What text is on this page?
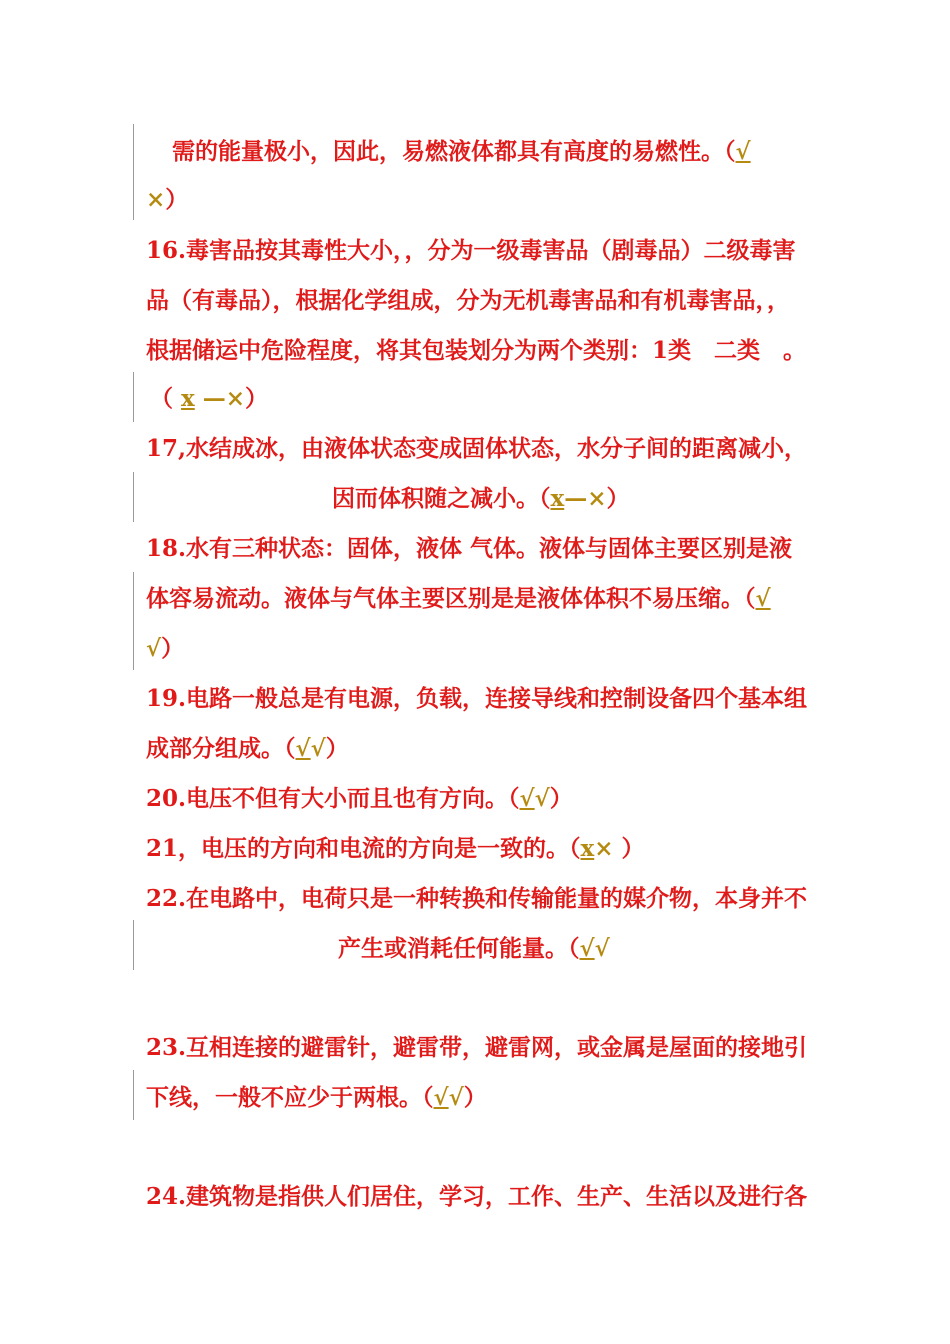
需的能量极小，因此，易燃液体都具有高度的易燃性。（√
×）
16.毒害品按其毒性大小，，分为一级毒害品（剧毒品）二级毒害
品（有毒品），根据化学组成，分为无机毒害品和有机毒害品，，
根据储运中危险程度，将其包装划分为两个类别：1类　二类　。
（ x —×）
17,水结成冰，由液体状态变成固体状态，水分子间的距离减小，
因而体积随之减小。（x—×）
18.水有三种状态：固体，液体 气体。液体与固体主要区别是液
体容易流动。液体与气体主要区别是是液体体积不易压缩。（√
√）
19.电路一般总是有电源，负载，连接导线和控制设备四个基本组
成部分组成。（√√）
20.电压不但有大小而且也有方向。（√√）
21，电压的方向和电流的方向是一致的。（x× ）
22.在电路中，电荷只是一种转换和传输能量的媒介物，本身并不
产生或消耗任何能量。（√√
23.互相连接的避雷针，避雷带，避雷网，或金属是屋面的接地引
下线，一般不应少于两根。（√√）
24.建筑物是指供人们居住，学习，工作、生产、生活以及进行各
